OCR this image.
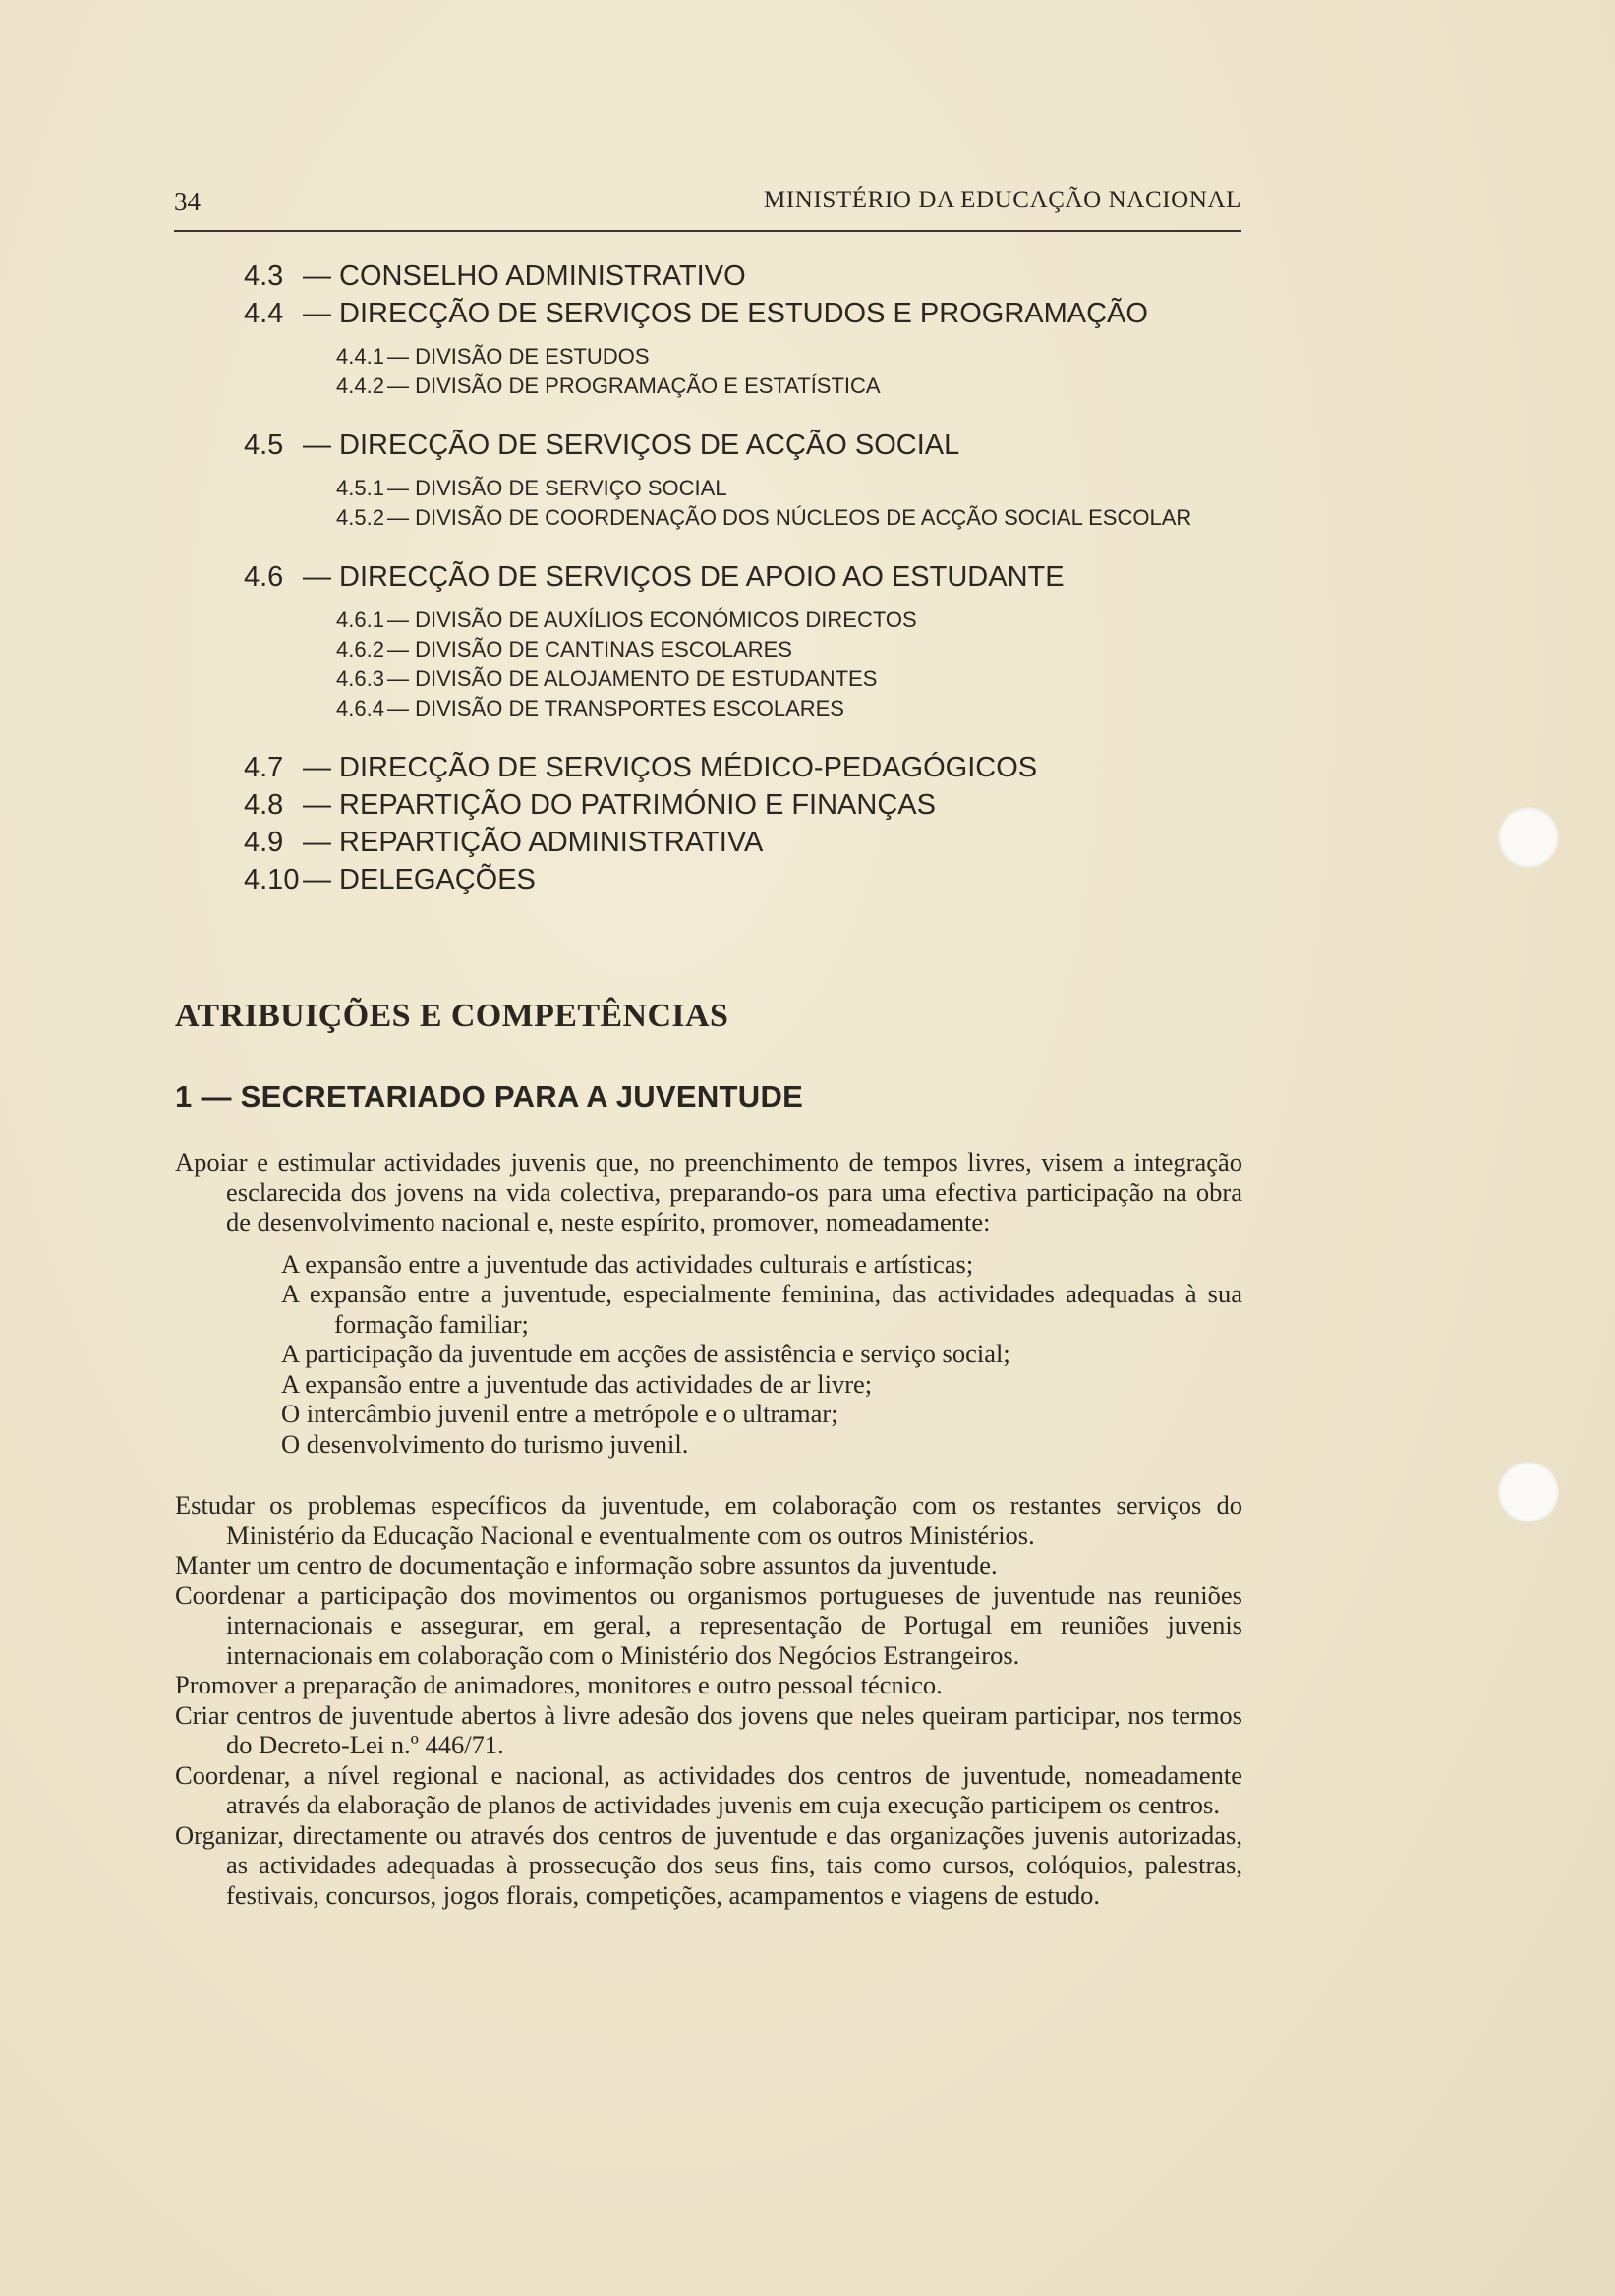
34	MINISTÉRIO DA EDUCAÇÃO NACIONAL
4.3 — CONSELHO ADMINISTRATIVO
4.4 — DIRECÇÃO DE SERVIÇOS DE ESTUDOS E PROGRAMAÇÃO
4.4.1 — DIVISÃO DE ESTUDOS
4.4.2 — DIVISÃO DE PROGRAMAÇÃO E ESTATÍSTICA
4.5 — DIRECÇÃO DE SERVIÇOS DE ACÇÃO SOCIAL
4.5.1 — DIVISÃO DE SERVIÇO SOCIAL
4.5.2 — DIVISÃO DE COORDENAÇÃO DOS NÚCLEOS DE ACÇÃO SOCIAL ESCOLAR
4.6 — DIRECÇÃO DE SERVIÇOS DE APOIO AO ESTUDANTE
4.6.1 — DIVISÃO DE AUXÍLIOS ECONÓMICOS DIRECTOS
4.6.2 — DIVISÃO DE CANTINAS ESCOLARES
4.6.3 — DIVISÃO DE ALOJAMENTO DE ESTUDANTES
4.6.4 — DIVISÃO DE TRANSPORTES ESCOLARES
4.7 — DIRECÇÃO DE SERVIÇOS MÉDICO-PEDAGÓGICOS
4.8 — REPARTIÇÃO DO PATRIMÓNIO E FINANÇAS
4.9 — REPARTIÇÃO ADMINISTRATIVA
4.10 — DELEGAÇÕES
ATRIBUIÇÕES E COMPETÊNCIAS
1 — SECRETARIADO PARA A JUVENTUDE

Apoiar e estimular actividades juvenis que, no preenchimento de tempos livres, visem a integração esclarecida dos jovens na vida colectiva, preparando-os para uma efectiva participação na obra de desenvolvimento nacional e, neste espírito, promover, nomeadamente:

A expansão entre a juventude das actividades culturais e artísticas;

A expansão entre a juventude, especialmente feminina, das actividades adequadas à sua formação familiar;

A participação da juventude em acções de assistência e serviço social;

A expansão entre a juventude das actividades de ar livre;

O intercâmbio juvenil entre a metrópole e o ultramar;

O desenvolvimento do turismo juvenil.

Estudar os problemas específicos da juventude, em colaboração com os restantes serviços do Ministério da Educação Nacional e eventualmente com os outros Ministérios.

Manter um centro de documentação e informação sobre assuntos da juventude.

Coordenar a participação dos movimentos ou organismos portugueses de juventude nas reuniões internacionais e assegurar, em geral, a representação de Portugal em reuniões juvenis internacionais em colaboração com o Ministério dos Negócios Estrangeiros.

Promover a preparação de animadores, monitores e outro pessoal técnico.

Criar centros de juventude abertos à livre adesão dos jovens que neles queiram participar, nos termos do Decreto-Lei n.º 446/71.

Coordenar, a nível regional e nacional, as actividades dos centros de juventude, nomeadamente através da elaboração de planos de actividades juvenis em cuja execução participem os centros.

Organizar, directamente ou através dos centros de juventude e das organizações juvenis autorizadas, as actividades adequadas à prossecução dos seus fins, tais como cursos, colóquios, palestras, festivais, concursos, jogos florais, competições, acampamentos e viagens de estudo.
